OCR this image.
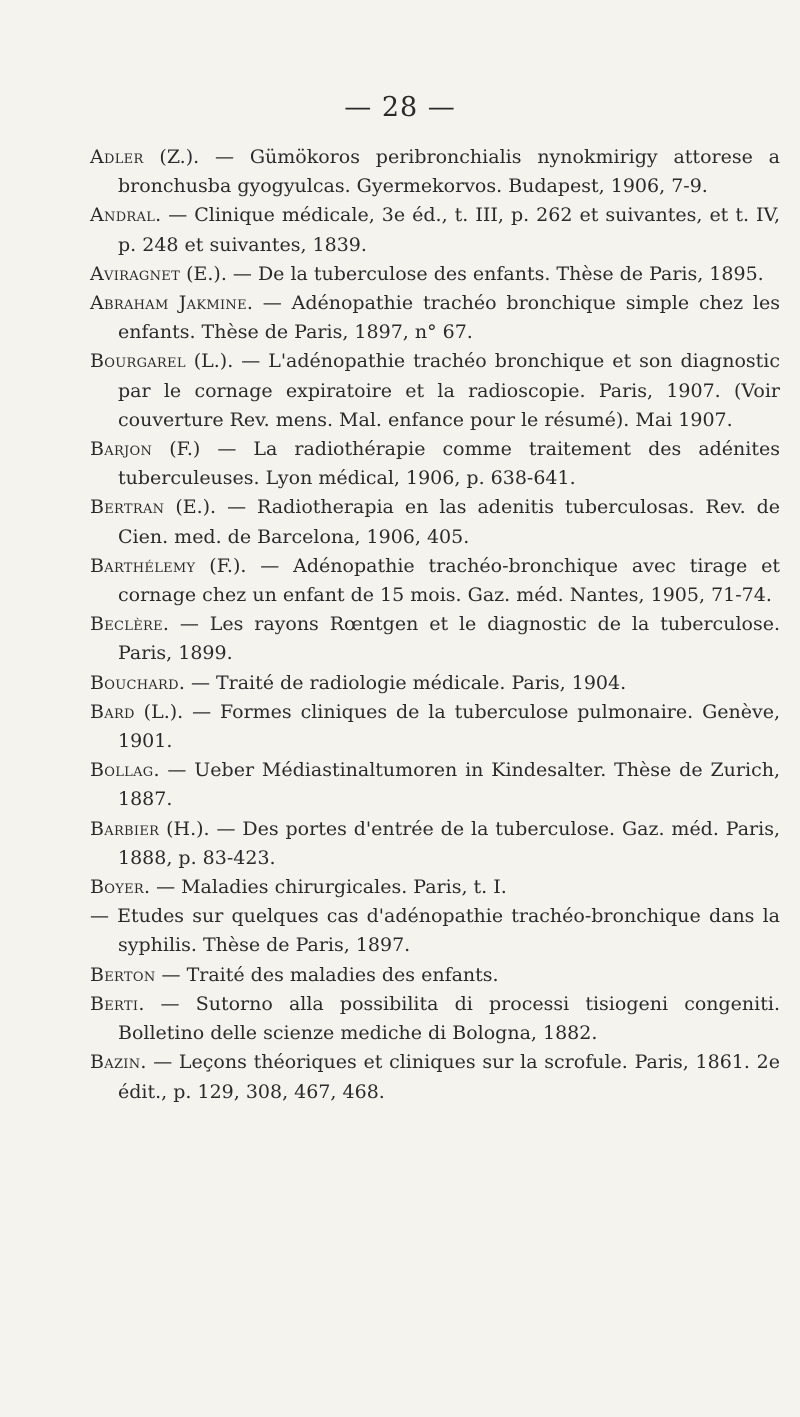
— 28 —

Adler (Z.). — Gümökoros peribronchialis nynokmirigy attorese a bronchusba gyogyulcas. Gyermekorvos. Budapest, 1906, 7-9.

Andral. — Clinique médicale, 3e éd., t. III, p. 262 et suivantes, et t. IV, p. 248 et suivantes, 1839.

Aviragnet (E.). — De la tuberculose des enfants. Thèse de Paris, 1895.

Abraham Jakmine. — Adénopathie trachéo bronchique simple chez les enfants. Thèse de Paris, 1897, n° 67.

Bourgarel (L.). — L'adénopathie trachéo bronchique et son diagnostic par le cornage expiratoire et la radioscopie. Paris, 1907. (Voir couverture Rev. mens. Mal. enfance pour le résumé). Mai 1907.

Barjon (F.) — La radiothérapie comme traitement des adénites tuberculeuses. Lyon médical, 1906, p. 638-641.

Bertran (E.). — Radiotherapia en las adenitis tuberculosas. Rev. de Cien. med. de Barcelona, 1906, 405.

Barthélemy (F.). — Adénopathie trachéo-bronchique avec tirage et cornage chez un enfant de 15 mois. Gaz. méd. Nantes, 1905, 71-74.

Beclère. — Les rayons Rœntgen et le diagnostic de la tuberculose. Paris, 1899.

Bouchard. — Traité de radiologie médicale. Paris, 1904.

Bard (L.). — Formes cliniques de la tuberculose pulmonaire. Genève, 1901.

Bollag. — Ueber Médiastinaltumoren in Kindesalter. Thèse de Zurich, 1887.

Barbier (H.). — Des portes d'entrée de la tuberculose. Gaz. méd. Paris, 1888, p. 83-423.

Boyer. — Maladies chirurgicales. Paris, t. I.

— Etudes sur quelques cas d'adénopathie trachéo-bronchique dans la syphilis. Thèse de Paris, 1897.

Berton — Traité des maladies des enfants.

Berti. — Sutorno alla possibilita di processi tisiogeni congeniti. Bolletino delle scienze mediche di Bologna, 1882.

Bazin. — Leçons théoriques et cliniques sur la scrofule. Paris, 1861. 2e édit., p. 129, 308, 467, 468.
